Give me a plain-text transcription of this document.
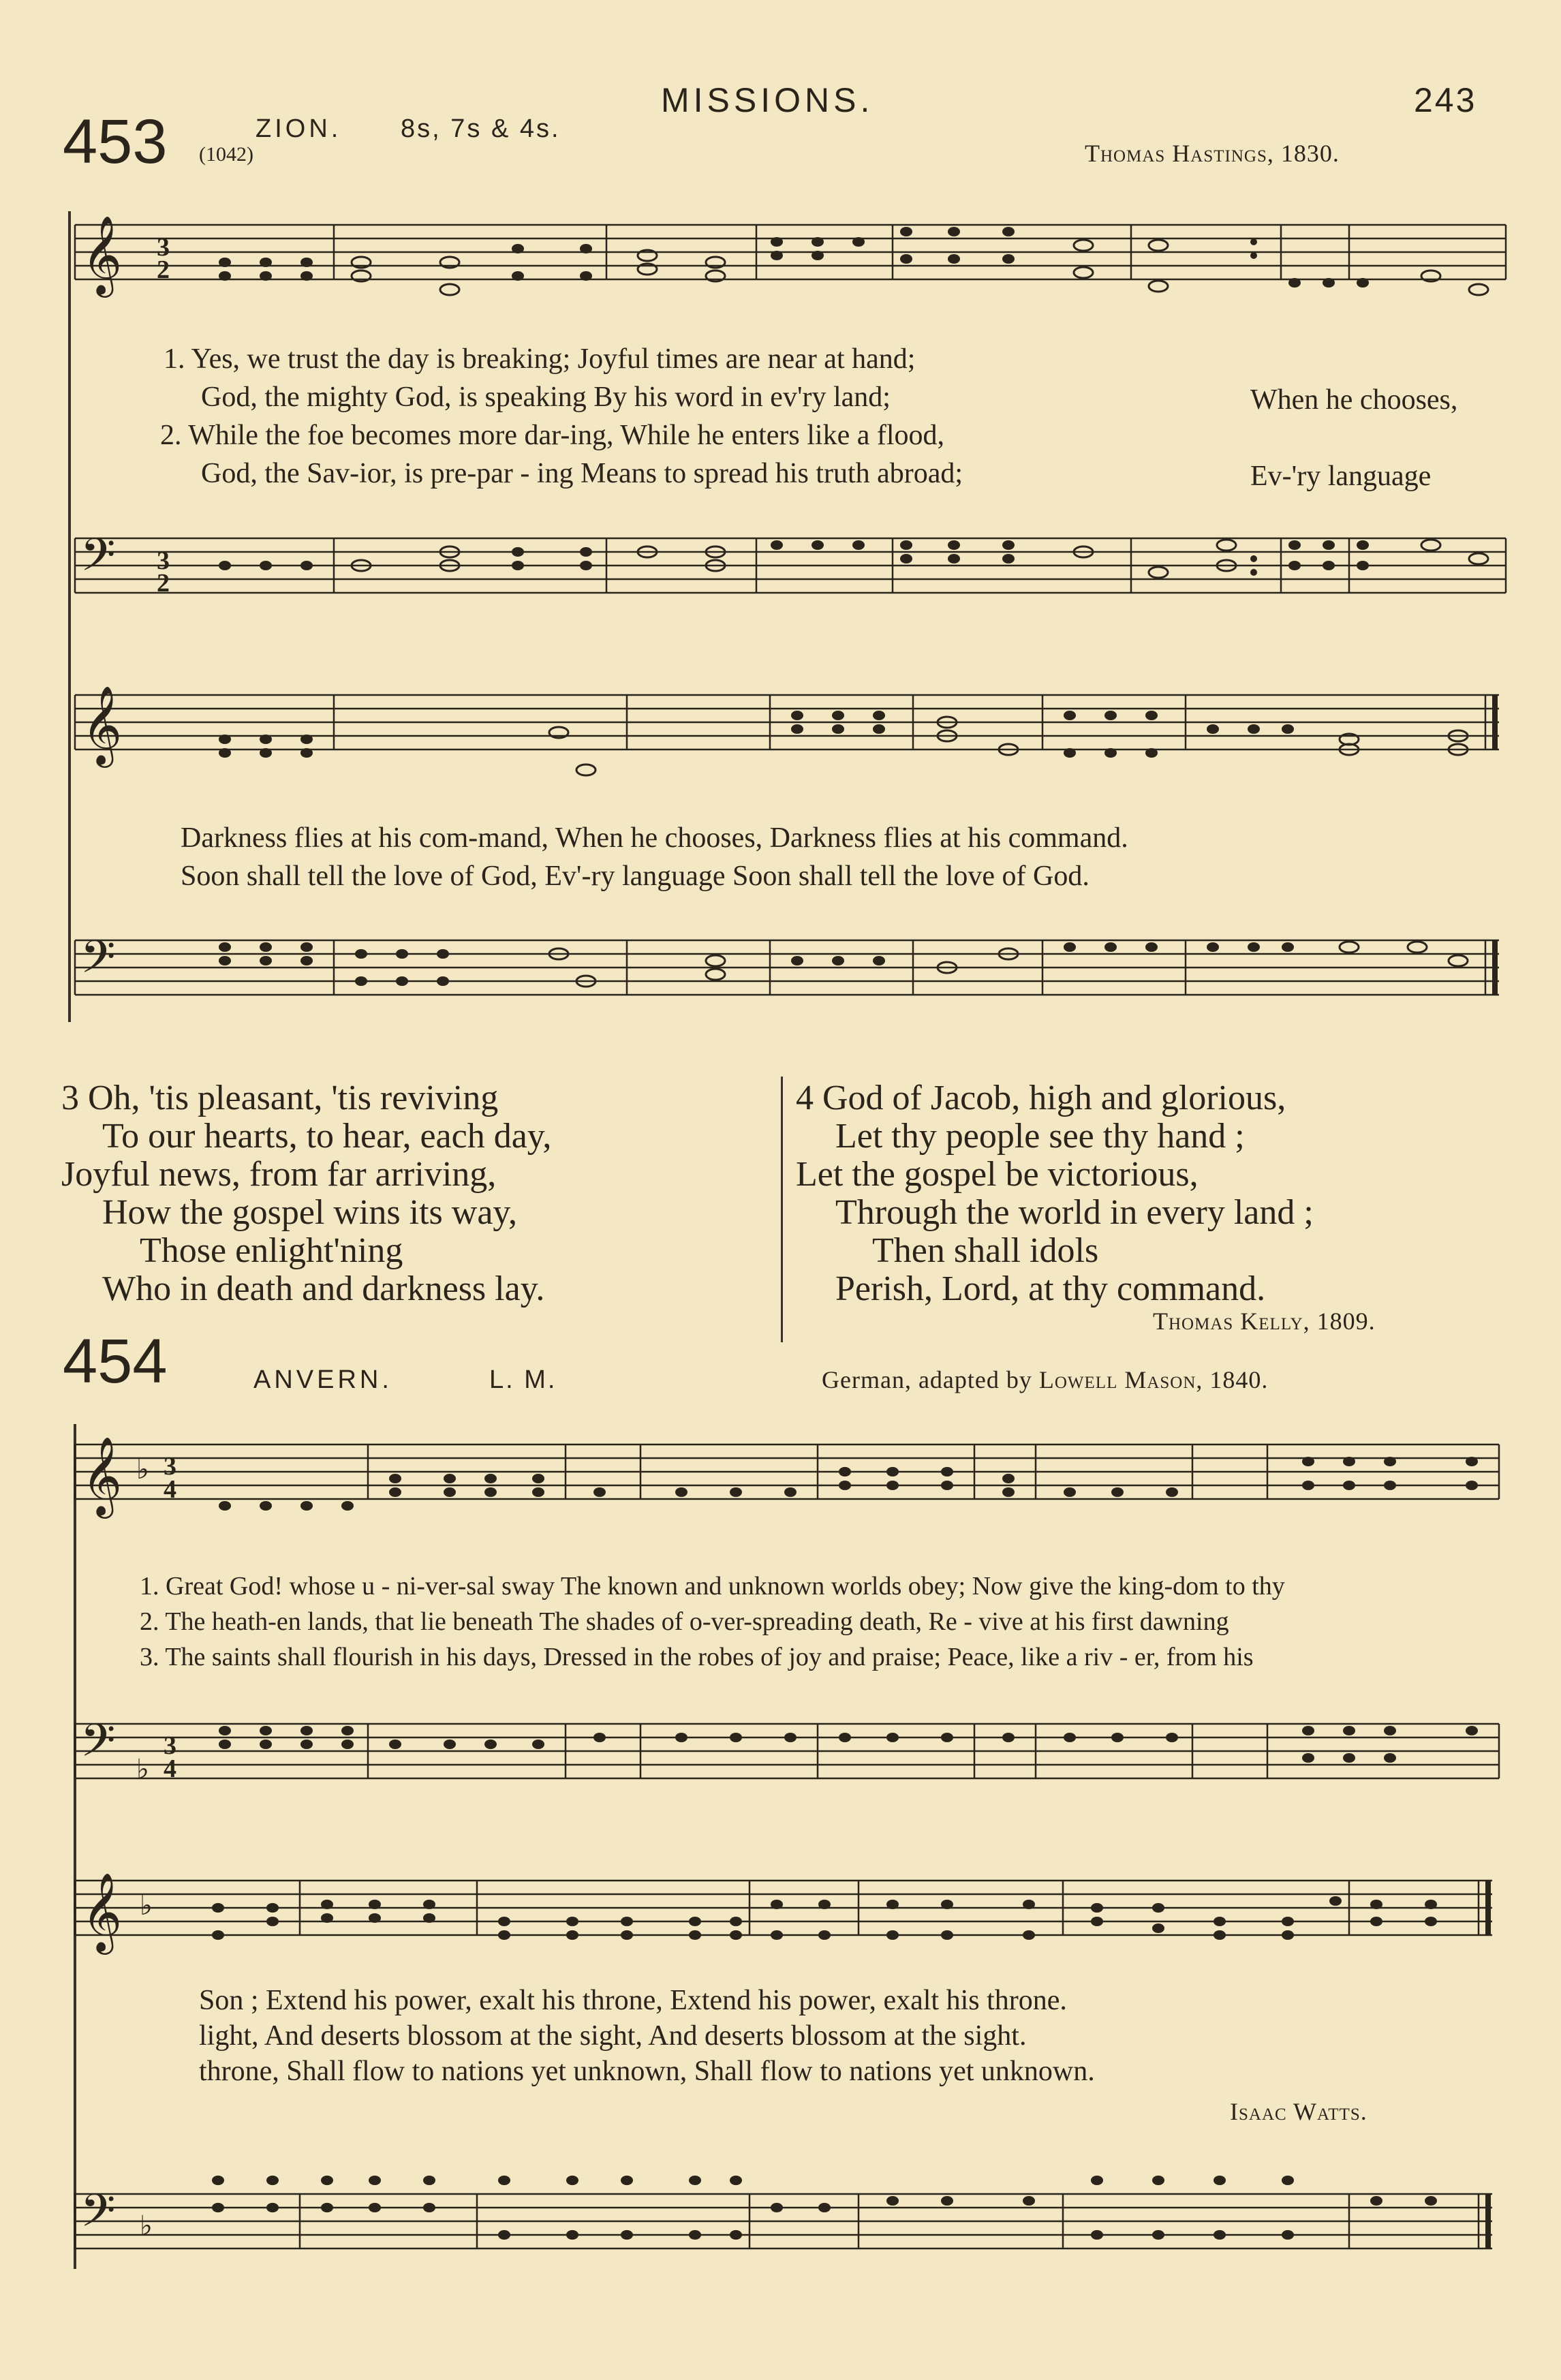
MISSIONS.	243
453	ZION. 8s, 7s & 4s.
(1042)	Thomas Hastings, 1830.
𝄞 3
2
1. Yes, we trust the day is breaking; Joyful times are near at hand;
God, the mighty God, is speaking By his word in ev'ry land;
2. While the foe becomes more dar-ing, While he enters like a flood,
God, the Sav-ior, is pre-par - ing Means to spread his truth abroad;
When he chooses,
Ev-'ry language
𝄢 3
2
𝄞
Darkness flies at his com-mand, When he chooses, Darkness flies at his command.
Soon shall tell the love of God, Ev'-ry language Soon shall tell the love of God.
𝄢
3 Oh, 'tis pleasant, 'tis reviving
To our hearts, to hear, each day,
Joyful news, from far arriving,
How the gospel wins its way,
Those enlight'ning
Who in death and darkness lay.
4 God of Jacob, high and glorious,
Let thy people see thy hand ;
Let the gospel be victorious,
Through the world in every land ;
Then shall idols
Perish, Lord, at thy command.
Thomas Kelly, 1809.
454	ANVERN.	L. M.	German, adapted by Lowell Mason, 1840.
𝄞 ♭ 3
4
1. Great God! whose u - ni-ver-sal sway The known and unknown worlds obey; Now give the king-dom to thy
2. The heath-en lands, that lie beneath The shades of o-ver-spreading death, Re - vive at his first dawning
3. The saints shall flourish in his days, Dressed in the robes of joy and praise; Peace, like a riv - er, from his
𝄢 ♭
3
4
𝄞 ♭
Son ; Extend his power, exalt his throne, Extend his power, exalt his throne.
light, And deserts blossom at the sight, And deserts blossom at the sight.
throne, Shall flow to nations yet unknown, Shall flow to nations yet unknown.
Isaac Watts.
𝄢 ♭
